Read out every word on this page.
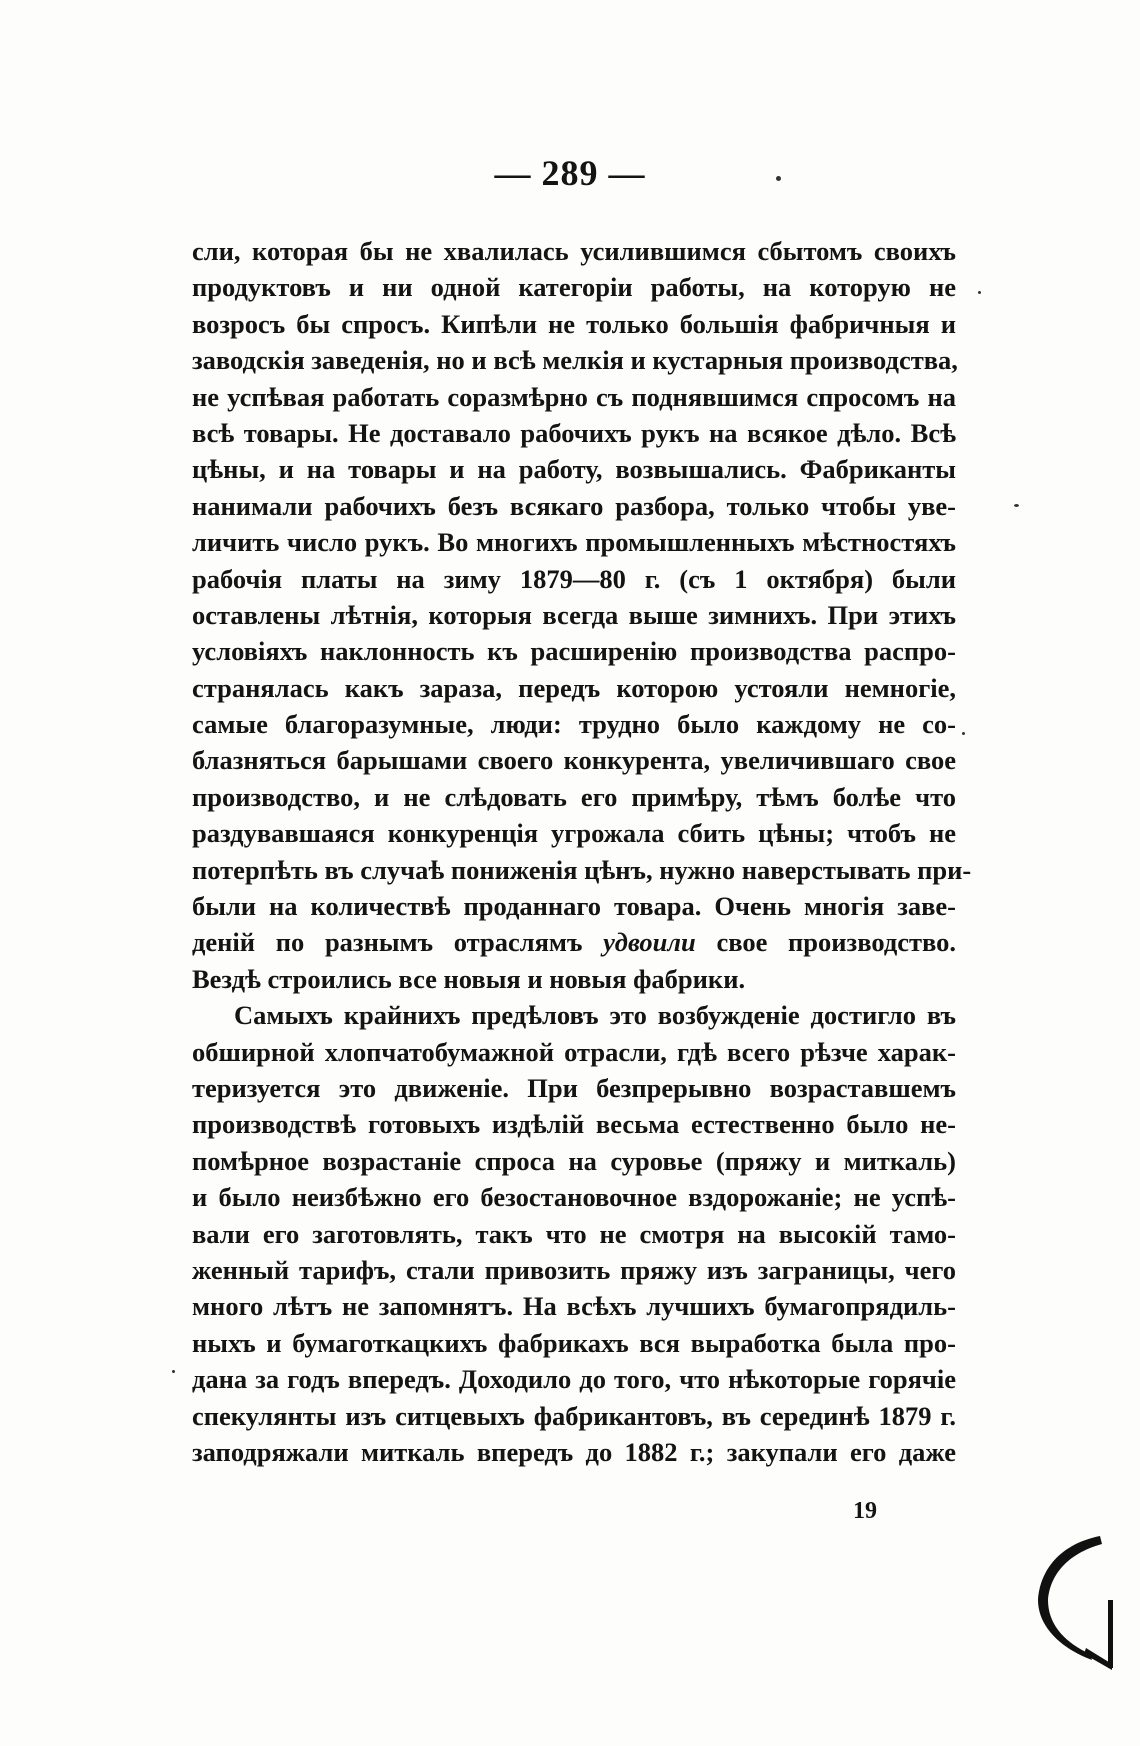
— 289 —
сли, которая бы не хвалилась усилившимся сбытомъ своихъ
продуктовъ и ни одной категоріи работы, на которую не
возросъ бы спросъ. Кипѣли не только большія фабричныя и
заводскія заведенія, но и всѣ мелкія и кустарныя производства,
не успѣвая работать соразмѣрно съ поднявшимся спросомъ на
всѣ товары. Не доставало рабочихъ рукъ на всякое дѣло. Всѣ
цѣны, и на товары и на работу, возвышались. Фабриканты
нанимали рабочихъ безъ всякаго разбора, только чтобы уве-
личить число рукъ. Во многихъ промышленныхъ мѣстностяхъ
рабочія платы на зиму 1879—80 г. (съ 1 октября) были
оставлены лѣтнія, которыя всегда выше зимнихъ. При этихъ
условіяхъ наклонность къ расширенію производства распро-
странялась какъ зараза, передъ которою устояли немногіе,
самые благоразумные, люди: трудно было каждому не со-
блазняться барышами своего конкурента, увеличившаго свое
производство, и не слѣдовать его примѣру, тѣмъ болѣе что
раздувавшаяся конкуренція угрожала сбить цѣны; чтобъ не
потерпѣть въ случаѣ пониженія цѣнъ, нужно наверстывать при-
были на количествѣ проданнаго товара. Очень многія заве-
деній по разнымъ отраслямъ удвоили свое производство.
Вездѣ строились все новыя и новыя фабрики.
Самыхъ крайнихъ предѣловъ это возбужденіе достигло въ
обширной хлопчатобумажной отрасли, гдѣ всего рѣзче харак-
теризуется это движеніе. При безпрерывно возраставшемъ
производствѣ готовыхъ издѣлій весьма естественно было не-
помѣрное возрастаніе спроса на суровье (пряжу и миткаль)
и было неизбѣжно его безостановочное вздорожаніе; не успѣ-
вали его заготовлять, такъ что не смотря на высокій тамо-
женный тарифъ, стали привозить пряжу изъ заграницы, чего
много лѣтъ не запомнятъ. На всѣхъ лучшихъ бумагопрядиль-
ныхъ и бумаготкацкихъ фабрикахъ вся выработка была про-
дана за годъ впередъ. Доходило до того, что нѣкоторые горячіе
спекулянты изъ ситцевыхъ фабрикантовъ, въ серединѣ 1879 г.
заподряжали миткаль впередъ до 1882 г.; закупали его даже
19
